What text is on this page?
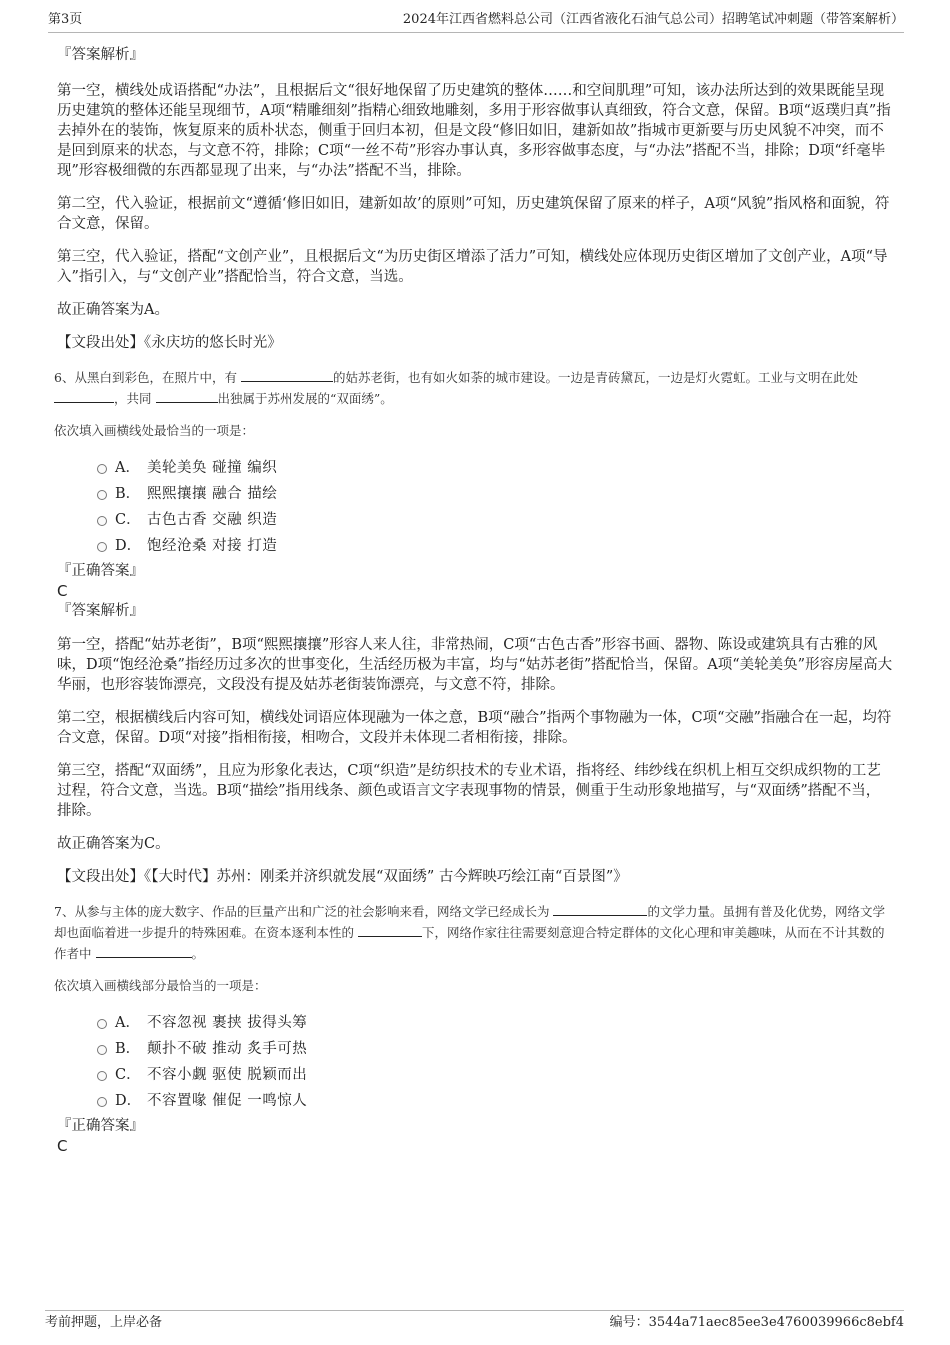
第3页	2024年江西省燃料总公司（江西省液化石油气总公司）招聘笔试冲刺题（带答案解析）

『答案解析』

第一空，横线处成语搭配“办法”，且根据后文“很好地保留了历史建筑的整体……和空间肌理”可知，该办法所达到的效果既能呈现历史建筑的整体还能呈现细节，A项“精雕细刻”指精心细致地雕刻，多用于形容做事认真细致，符合文意，保留。B项“返璞归真”指去掉外在的装饰，恢复原来的质朴状态，侧重于回归本初，但是文段“修旧如旧，建新如故”指城市更新要与历史风貌不冲突，而不是回到原来的状态，与文意不符，排除；C项“一丝不苟”形容办事认真，多形容做事态度，与“办法”搭配不当，排除；D项“纤毫毕现”形容极细微的东西都显现了出来，与“办法”搭配不当，排除。

第二空，代入验证，根据前文“遵循‘修旧如旧，建新如故’的原则”可知，历史建筑保留了原来的样子，A项“风貌”指风格和面貌，符合文意，保留。

第三空，代入验证，搭配“文创产业”，且根据后文“为历史街区增添了活力”可知，横线处应体现历史街区增加了文创产业，A项“导入”指引入，与“文创产业”搭配恰当，符合文意，当选。

故正确答案为A。

【文段出处】《永庆坊的悠长时光》

6、从黑白到彩色，在照片中，有	的姑苏老街，也有如火如荼的城市建设。一边是青砖黛瓦，一边是灯火霓虹。工业与文明在此处 ，共同	出独属于苏州发展的“双面绣”。

依次填入画横线处最恰当的一项是：

A． 美轮美奂 碰撞 编织
B． 熙熙攘攘 融合 描绘
C． 古色古香 交融 织造
D． 饱经沧桑 对接 打造

『正确答案』

C

『答案解析』

第一空，搭配“姑苏老街”，B项“熙熙攘攘”形容人来人往，非常热闹，C项“古色古香”形容书画、器物、陈设或建筑具有古雅的风味，D项“饱经沧桑”指经历过多次的世事变化，生活经历极为丰富，均与“姑苏老街”搭配恰当，保留。A项“美轮美奂”形容房屋高大华丽，也形容装饰漂亮，文段没有提及姑苏老街装饰漂亮，与文意不符，排除。

第二空，根据横线后内容可知，横线处词语应体现融为一体之意，B项“融合”指两个事物融为一体，C项“交融”指融合在一起，均符合文意，保留。D项“对接”指相衔接，相吻合，文段并未体现二者相衔接，排除。

第三空，搭配“双面绣”，且应为形象化表达，C项“织造”是纺织技术的专业术语，指将经、纬纱线在织机上相互交织成织物的工艺过程，符合文意，当选。B项“描绘”指用线条、颜色或语言文字表现事物的情景，侧重于生动形象地描写，与“双面绣”搭配不当，排除。

故正确答案为C。

【文段出处】《【大时代】苏州：刚柔并济织就发展“双面绣” 古今辉映巧绘江南“百景图”》

7、从参与主体的庞大数字、作品的巨量产出和广泛的社会影响来看，网络文学已经成长为	的文学力量。虽拥有普及化优势，网络文学却也面临着进一步提升的特殊困难。在资本逐利本性的	下，网络作家往往需要刻意迎合特定群体的文化心理和审美趣味，从而在不计其数的作者中	。

依次填入画横线部分最恰当的一项是：

A． 不容忽视 裹挟 拔得头筹
B． 颠扑不破 推动 炙手可热
C． 不容小觑 驱使 脱颖而出
D． 不容置喙 催促 一鸣惊人

『正确答案』

C

考前押题，上岸必备	编号：3544a71aec85ee3e4760039966c8ebf4
